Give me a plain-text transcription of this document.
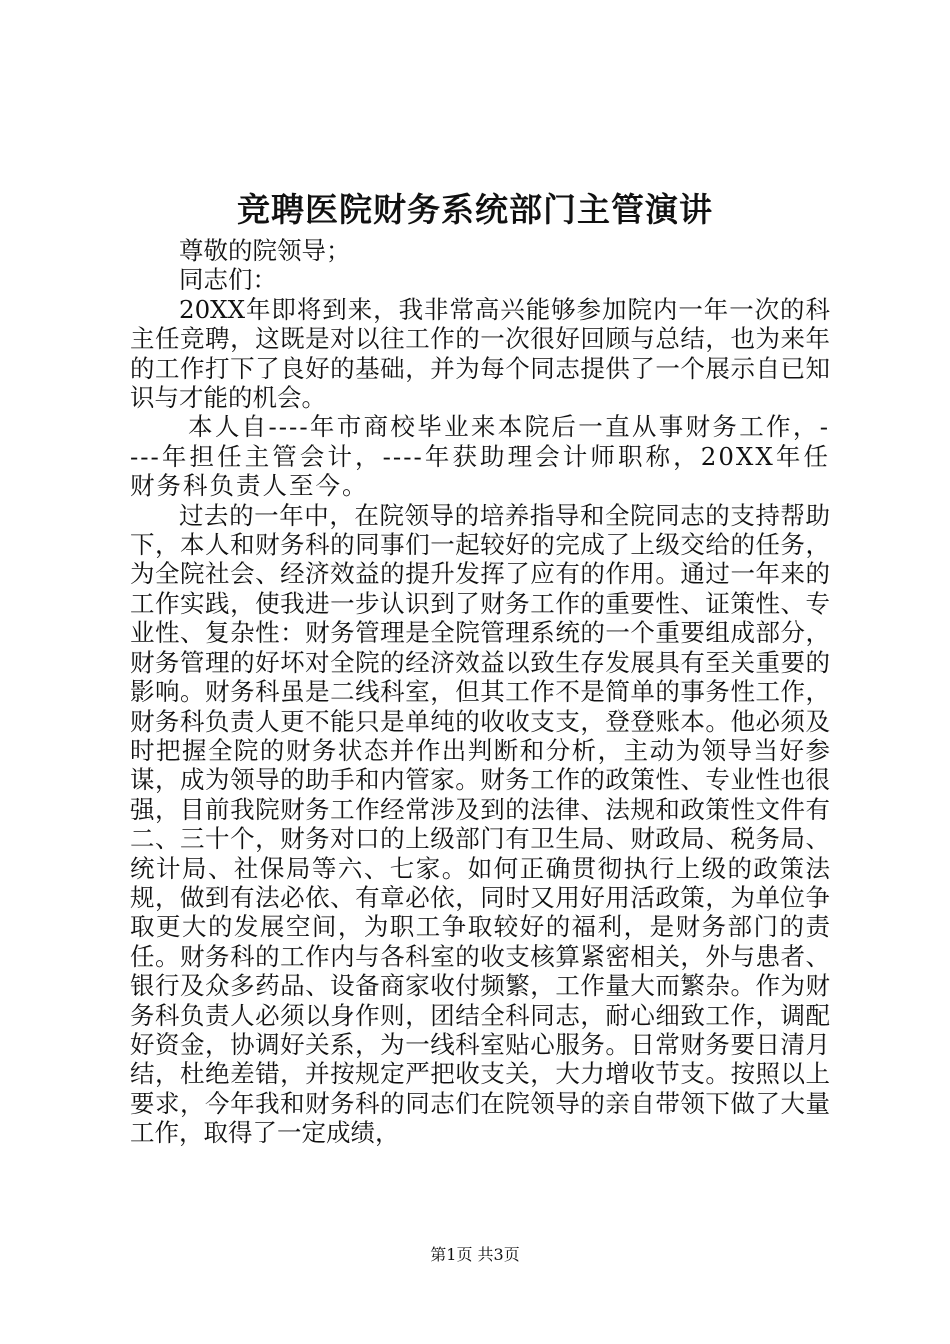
竞聘医院财务系统部门主管演讲

尊敬的院领导；

同志们：

20XX年即将到来，我非常高兴能够参加院内一年一次的科主任竞聘，这既是对以往工作的一次很好回顾与总结，也为来年的工作打下了良好的基础，并为每个同志提供了一个展示自已知识与才能的机会。

本人自----年市商校毕业来本院后一直从事财务工作，----年担任主管会计，----年获助理会计师职称，20XX年任财务科负责人至今。

过去的一年中，在院领导的培养指导和全院同志的支持帮助下，本人和财务科的同事们一起较好的完成了上级交给的任务，为全院社会、经济效益的提升发挥了应有的作用。通过一年来的工作实践，使我进一步认识到了财务工作的重要性、证策性、专业性、复杂性：财务管理是全院管理系统的一个重要组成部分，财务管理的好坏对全院的经济效益以致生存发展具有至关重要的影响。财务科虽是二线科室，但其工作不是简单的事务性工作，财务科负责人更不能只是单纯的收收支支，登登账本。他必须及时把握全院的财务状态并作出判断和分析，主动为领导当好参谋，成为领导的助手和内管家。财务工作的政策性、专业性也很强，目前我院财务工作经常涉及到的法律、法规和政策性文件有二、三十个，财务对口的上级部门有卫生局、财政局、税务局、统计局、社保局等六、七家。如何正确贯彻执行上级的政策法规，做到有法必依、有章必依，同时又用好用活政策，为单位争取更大的发展空间，为职工争取较好的福利，是财务部门的责任。财务科的工作内与各科室的收支核算紧密相关，外与患者、银行及众多药品、设备商家收付频繁，工作量大而繁杂。作为财务科负责人必须以身作则，团结全科同志，耐心细致工作，调配好资金，协调好关系，为一线科室贴心服务。日常财务要日清月结，杜绝差错，并按规定严把收支关，大力增收节支。按照以上要求，今年我和财务科的同志们在院领导的亲自带领下做了大量工作，取得了一定成绩，

第1页 共3页
